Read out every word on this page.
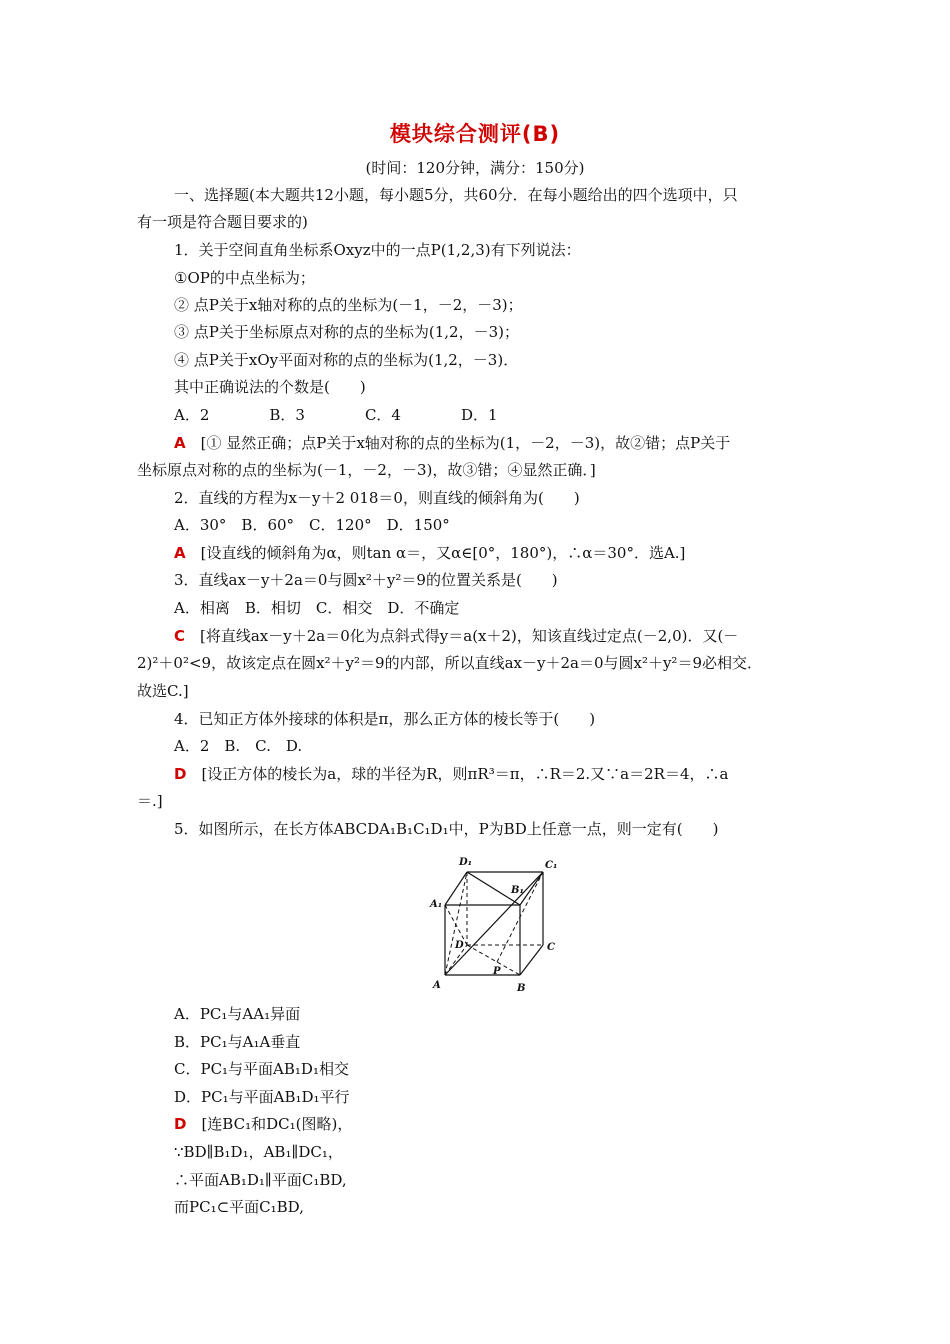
模块综合测评(B)
(时间：120分钟，满分：150分)
一、选择题(本大题共12小题，每小题5分，共60分．在每小题给出的四个选项中，只
有一项是符合题目要求的)
1．关于空间直角坐标系Oxyz中的一点P(1,2,3)有下列说法：
①OP的中点坐标为；
② 点P关于x轴对称的点的坐标为(－1，－2，－3)；
③ 点P关于坐标原点对称的点的坐标为(1,2，－3)；
④ 点P关于xOy平面对称的点的坐标为(1,2，－3)．
其中正确说法的个数是(　　)
A．2　　　　B．3　　　　C．4　　　　D．1
A　[① 显然正确；点P关于x轴对称的点的坐标为(1，－2，－3)，故②错；点P关于
坐标原点对称的点的坐标为(－1，－2，－3)，故③错；④显然正确．]
2．直线的方程为x－y＋2 018＝0，则直线的倾斜角为(　　)
A．30°　B．60°　C．120°　D．150°
A　[设直线的倾斜角为α，则tan α＝，又α∈[0°，180°)，∴α＝30°．选A.]
3．直线ax－y＋2a＝0与圆x²＋y²＝9的位置关系是(　　)
A．相离　B．相切　C．相交　D．不确定
C　[将直线ax－y＋2a＝0化为点斜式得y＝a(x＋2)，知该直线过定点(－2,0)．又(－
2)²＋0²<9，故该定点在圆x²＋y²＝9的内部，所以直线ax－y＋2a＝0与圆x²＋y²＝9必相交．
故选C.]
4．已知正方体外接球的体积是π，那么正方体的棱长等于(　　)
A．2　B.　C.　D.
D　[设正方体的棱长为a，球的半径为R，则πR³＝π，∴R＝2.又∵a＝2R＝4，∴a
＝.]
5．如图所示，在长方体ABCDA₁B₁C₁D₁中，P为BD上任意一点，则一定有(　　)
D₁	C₁
B₁
A₁
D	C
P
A	B
A．PC₁与AA₁异面
B．PC₁与A₁A垂直
C．PC₁与平面AB₁D₁相交
D．PC₁与平面AB₁D₁平行
D　[连BC₁和DC₁(图略)，
∵BD∥B₁D₁，AB₁∥DC₁，
∴平面AB₁D₁∥平面C₁BD,
而PC₁⊂平面C₁BD,
